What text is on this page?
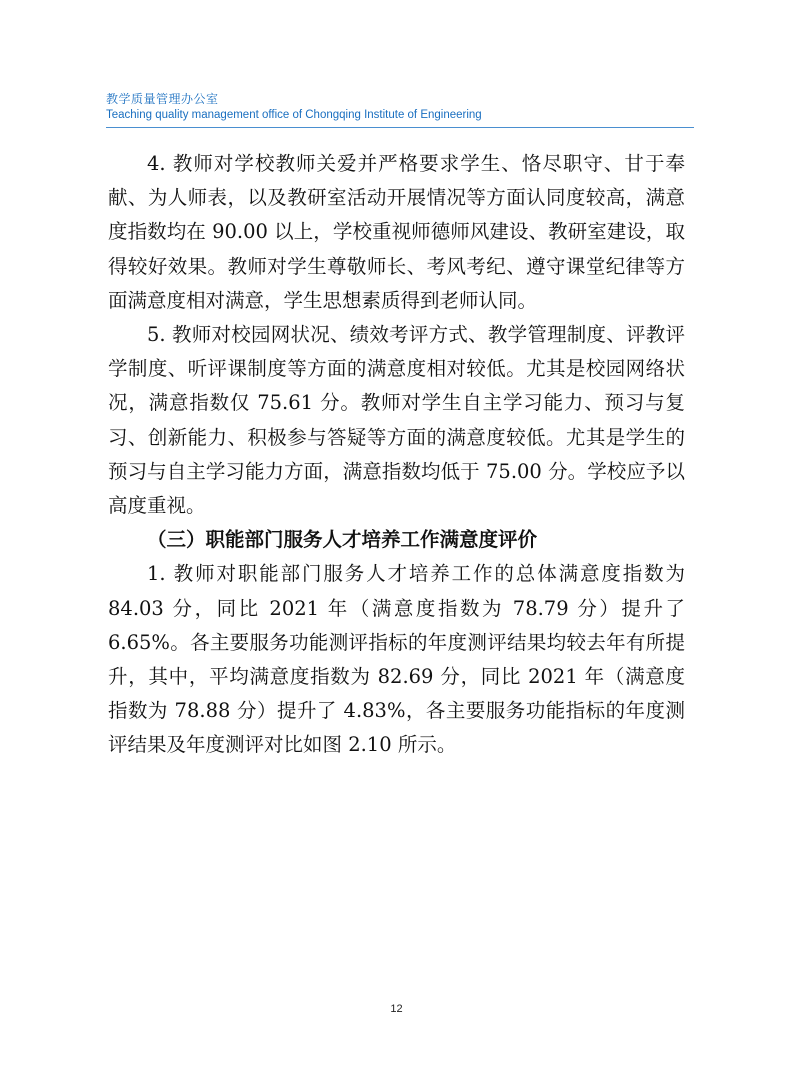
教学质量管理办公室
Teaching quality management office of Chongqing Institute of Engineering

4. 教师对学校教师关爱并严格要求学生、恪尽职守、甘于奉献、为人师表，以及教研室活动开展情况等方面认同度较高，满意度指数均在 90.00 以上，学校重视师德师风建设、教研室建设，取得较好效果。教师对学生尊敬师长、考风考纪、遵守课堂纪律等方面满意度相对满意，学生思想素质得到老师认同。

5. 教师对校园网状况、绩效考评方式、教学管理制度、评教评学制度、听评课制度等方面的满意度相对较低。尤其是校园网络状况，满意指数仅 75.61 分。教师对学生自主学习能力、预习与复习、创新能力、积极参与答疑等方面的满意度较低。尤其是学生的预习与自主学习能力方面，满意指数均低于 75.00 分。学校应予以高度重视。

（三）职能部门服务人才培养工作满意度评价

1. 教师对职能部门服务人才培养工作的总体满意度指数为 84.03 分，同比 2021 年（满意度指数为 78.79 分）提升了 6.65%。各主要服务功能测评指标的年度测评结果均较去年有所提升，其中，平均满意度指数为 82.69 分，同比 2021 年（满意度指数为 78.88 分）提升了 4.83%，各主要服务功能指标的年度测评结果及年度测评对比如图 2.10 所示。

12
